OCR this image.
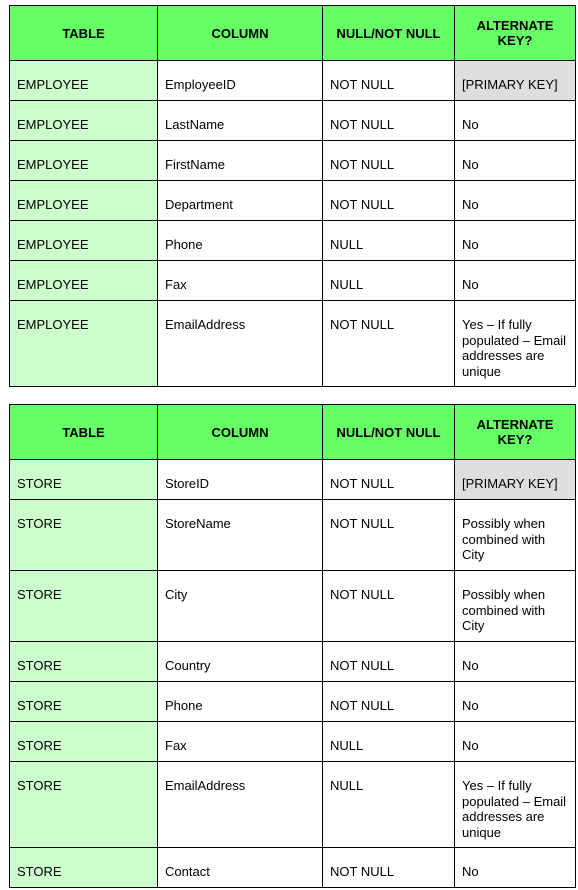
TABLE	COLUMN	NULL/NOT NULL	ALTERNATE KEY?
EMPLOYEE	EmployeeID	NOT NULL	[PRIMARY KEY]
EMPLOYEE	LastName	NOT NULL	No
EMPLOYEE	FirstName	NOT NULL	No
EMPLOYEE	Department	NOT NULL	No
EMPLOYEE	Phone	NULL	No
EMPLOYEE	Fax	NULL	No
EMPLOYEE	EmailAddress	NOT NULL	Yes – If fully populated – Email addresses are unique
TABLE	COLUMN	NULL/NOT NULL	ALTERNATE KEY?
STORE	StoreID	NOT NULL	[PRIMARY KEY]
STORE	StoreName	NOT NULL	Possibly when combined with City
STORE	City	NOT NULL	Possibly when combined with City
STORE	Country	NOT NULL	No
STORE	Phone	NOT NULL	No
STORE	Fax	NULL	No
STORE	EmailAddress	NULL	Yes – If fully populated – Email addresses are unique
STORE	Contact	NOT NULL	No
